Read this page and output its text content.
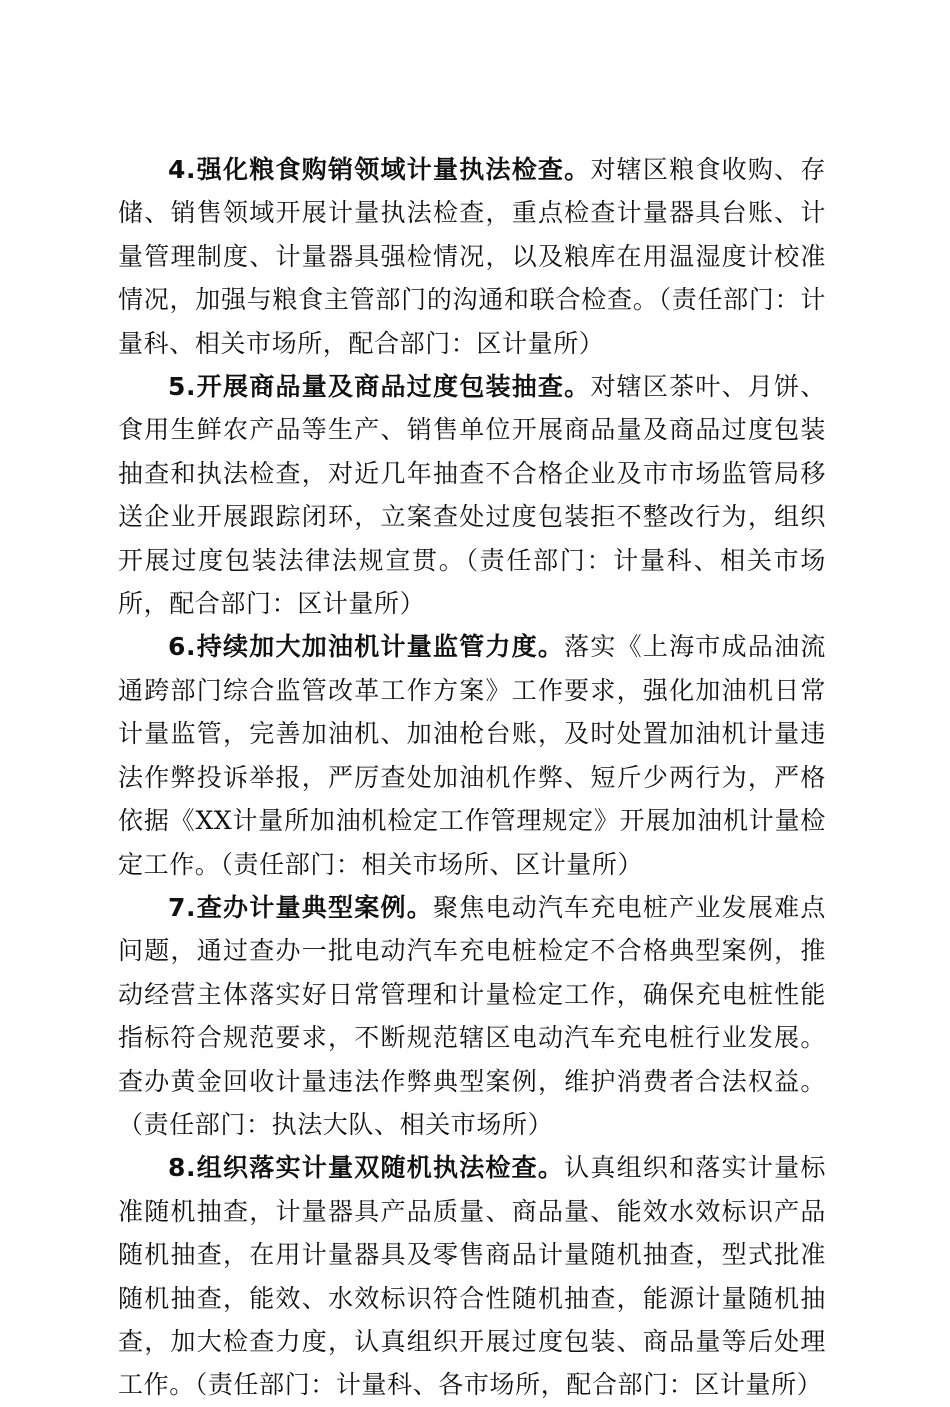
4.强化粮食购销领域计量执法检查。对辖区粮食收购、存储、销售领域开展计量执法检查，重点检查计量器具台账、计量管理制度、计量器具强检情况，以及粮库在用温湿度计校准情况，加强与粮食主管部门的沟通和联合检查。（责任部门：计量科、相关市场所，配合部门：区计量所）

5.开展商品量及商品过度包装抽查。对辖区茶叶、月饼、食用生鲜农产品等生产、销售单位开展商品量及商品过度包装抽查和执法检查，对近几年抽查不合格企业及市市场监管局移送企业开展跟踪闭环，立案查处过度包装拒不整改行为，组织开展过度包装法律法规宣贯。（责任部门：计量科、相关市场所，配合部门：区计量所）

6.持续加大加油机计量监管力度。落实《上海市成品油流通跨部门综合监管改革工作方案》工作要求，强化加油机日常计量监管，完善加油机、加油枪台账，及时处置加油机计量违法作弊投诉举报，严厉查处加油机作弊、短斤少两行为，严格依据《XX计量所加油机检定工作管理规定》开展加油机计量检定工作。（责任部门：相关市场所、区计量所）

7.查办计量典型案例。聚焦电动汽车充电桩产业发展难点问题，通过查办一批电动汽车充电桩检定不合格典型案例，推动经营主体落实好日常管理和计量检定工作，确保充电桩性能指标符合规范要求，不断规范辖区电动汽车充电桩行业发展。查办黄金回收计量违法作弊典型案例，维护消费者合法权益。（责任部门：执法大队、相关市场所）

8.组织落实计量双随机执法检查。认真组织和落实计量标准随机抽查，计量器具产品质量、商品量、能效水效标识产品随机抽查，在用计量器具及零售商品计量随机抽查，型式批准随机抽查，能效、水效标识符合性随机抽查，能源计量随机抽查，加大检查力度，认真组织开展过度包装、商品量等后处理工作。（责任部门：计量科、各市场所，配合部门：区计量所）
